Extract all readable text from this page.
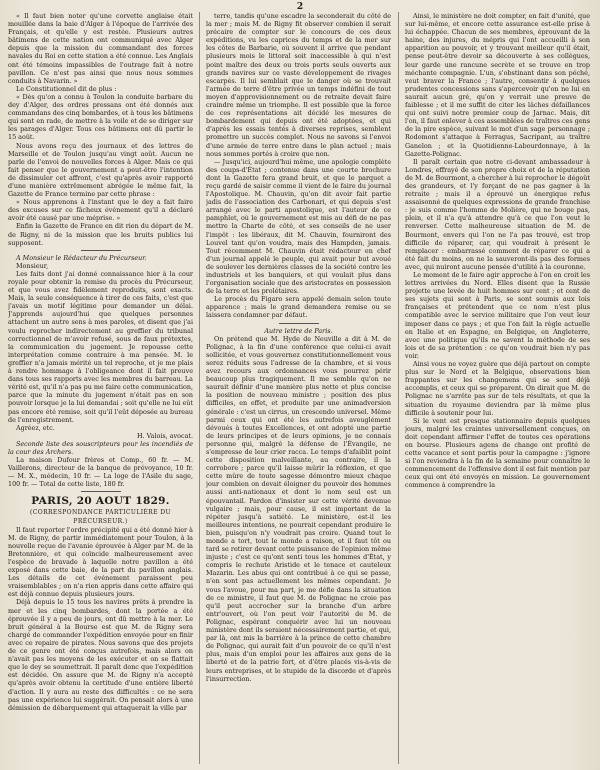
2

« Il faut bien noter qu'une corvette anglaise était mouillée dans la baie d'Alger à l'époque de l'arrivée des Français, et qu'elle y est restée. Plusieurs autres bâtimens de cette nation ont communiqué avec Alger depuis que la mission du commandant des forces navales du Roi en cette station a été connue. Les Anglais ont été témoins impassibles de l'outrage fait à notre pavillon. Ce n'est pas ainsi que nous nous sommes conduits à Navarin. »

Le Constitutionnel dit de plus :

« Dès qu'on a connu à Toulon la conduite barbare du dey d'Alger, des ordres pressans ont été donnés aux commandans des cinq bombardes, et à tous les bâtimens qui sont en rade, de mettre à la voile et de se diriger sur les parages d'Alger. Tous ces bâtimens ont dû partir le 15 août.

Nous avons reçu des journaux et des lettres de Marseille et de Toulon jusqu'au vingt août. Aucun ne parle de l'envoi de nouvelles forces à Alger. Mais ce qui fait penser que le gouvernement a peut-être l'intention de dissimuler cet affront, c'est qu'après avoir rapporté d'une manière extrêmement abrégée le même fait, la Gazette de France termine par cette phrase :

« Nous apprenons à l'instant que le dey a fait faire des excuses sur ce fâcheux événement qu'il a déclaré avoir été causé par une méprise. »

Enfin la Gazette de France en dit rien du départ de M. de Rigny, ni de la mission que les bruits publics lui supposent.

A Monsieur le Rédacteur du Précurseur.

Monsieur,

Les faits dont j'ai donné connaissance hier à la cour royale pour obtenir la remise du procès du Précurseur, et que vous avez fidèlement reproduits, sont exacts. Mais, la seule conséquence à tirer de ces faits, c'est que j'avais un motif légitime pour demander un délai. J'apprends aujourd'hui que quelques personnes attachent un autre sens à mes paroles, et disent que j'ai voulu reprocher indirectement au greffier du tribunal correctionnel de m'avoir refusé, sous de faux prétextes, la communication du jugement. Je repousse cette interprétation comme contraire à ma pensée. M. le greffier n'a jamais mérité un tel reproche, et je me plais à rendre hommage à l'obligeance dont il fait preuve dans tous ses rapports avec les membres du barreau. La vérité est, qu'il n'a pas pu me faire cette communication, parce que la minute du jugement n'était pas en son pouvoir lorsque je la lui demandai ; soit qu'elle ne lui eût pas encore été remise, soit qu'il l'eût déposée au bureau de l'enregistrement.

Agréez, etc.

H. Valois, avocat.

Seconde liste des souscripteurs pour les incendiés de la cour des Archers.

La maison Dufour frères et Comp., 60 fr. — M. Vaillerons, directeur de la banque de prévoyance, 10 fr. — M. X., médecin, 10 fr. — La loge de l'Asile du sage, 100 fr. — Total de cette liste, 180 fr.

PARIS, 20 AOUT 1829.

(CORRESPONDANCE PARTICULIÈRE DU PRÉCURSEUR.)

Il faut reporter l'ordre précipité qui a été donné hier à M. de Rigny, de partir immédiatement pour Toulon, à la nouvelle reçue de l'avanie éprouvée à Alger par M. de la Bretonnière, et qui coïncide malheureusement avec l'espèce de bravade à laquelle notre pavillon a été exposé dans cette baie, de la part du pavillon anglais. Les détails de cet événement paraissent peu vraisemblables ; on n'a rien appris dans cette affaire qui est déjà connue depuis plusieurs jours.

Déjà depuis le 15 tous les navires prêts à prendre la mer et les cinq bombardes, dont la portée a été éprouvée il y a peu de jours, ont dû mettre à la mer. Le bruit général à la Bourse est que M. de Rigny sera chargé de commander l'expédition envoyée pour en finir avec ce repaire de pirates. Nous savons que des projets de ce genre ont été conçus autrefois, mais alors on n'avait pas les moyens de les exécuter et on se flattait que le dey se soumettrait. Il paraît donc que l'expédition est décidée. On assure que M. de Rigny n'a accepté qu'après avoir obtenu la certitude d'une entière liberté d'action. Il y aura au reste des difficultés : ce ne sera pas une expérience lui suggérait. On pensait alors à une démission de débarquement qui attaquerait la ville par

terre, tandis qu'une escadre la seconderait du côté de la mer ; mais M. de Rigny fit observer combien il serait précaire de compter sur le concours de ces deux expéditions, vu les caprices du temps et de la mer sur les côtes de Barbarie, où souvent il arrive que pendant plusieurs mois le littoral soit inaccessible à qui n'est point maître des deux ou trois ports seuls ouverts aux grands navires sur ce vaste développement de rivages escarpés. Il lui semblait que le danger où se trouvait l'armée de terre d'être privée un temps indéfini de tout moyen d'approvisionnement ou de retraite devait faire craindre même un triomphe. Il est possible que la force de ces représentations ait décidé les mesures de bombardement qui depuis ont été adoptées, et qui d'après les essais tentés à diverses reprises, semblent promettre un succès complet. Nous ne savons si l'envoi d'une armée de terre entre dans le plan actuel ; mais nous sommes portés à croire que non.

— Jusqu'ici, aujourd'hui même, une apologie complète des coups-d'État ; contenue dans une courte brochure dont la Gazette fera grand bruit, et que le parquet a reçu gardé de saisir comme il vient de le faire du journal l'Apostolique. M. Chauvin, qu'on dit avoir fait partie jadis de l'association des Carbonari, et qui depuis s'est arrangé avec le parti apostolique, est l'auteur de ce pamphlet, où le gouvernement est mis au défi de ne pas mettre la Charte de côté, et ses conseils de ne user l'impôt : les libéraux, dit M. Chauvin, fourniront des Louvel tant qu'on voudra, mais des Hampden, jamais. Tout récemment M. Chauvin était rédacteur en chef d'un journal appelé le peuple, qui avait pour but avoué de soulever les dernières classes de la société contre les industriels et les banquiers, et qui voulait plus dans l'organisation sociale que des aristocrates en possession de la terre et les prolétaires.

Le procès du Figaro sera appelé demain selon toute apparence ; mais le grand demandera remise ou se laissera condamner par défaut.

Autre lettre de Paris.

On prétend que M. Hyde de Neuville a dit à M. de Polignac, à la fin d'une conférence que celui-ci avait sollicitée, et vous gouvernez constitutionnellement vous serez réduits sous l'adresse de la chambre, et si vous avez recours aux ordonnances vous pourrez périr beaucoup plus tragiquement. Il me semble qu'on ne saurait définir d'une manière plus nette et plus concise la position de nouveau ministre ; position des plus difficiles, en effet, et produite par une animadversion générale : c'est un cirrus, un crescendo universel. Même parmi ceux qui ont été les autrefois aveuglément dévoués à toutes Excellences, et ont adopté une partie de leurs principes et de leurs opinions, je ne connais personne qui, malgré la défense de l'Évangile, ne s'empresse de leur crier racca. Le temps d'afaiblit point cette disposition malveillante, au contraire, il la corrobore ; parce qu'il laisse mûrir la réflexion, et que cette mûre de toute sagesse démontre mieux chaque jour combien on devait éloigner du pouvoir des hommes aussi anti-nationaux et dont le nom seul est un épouvantail. Pardon d'insister sur cette vérité devenue vulgaire ; mais, pour cause, il est important de la répéter jusqu'à satiété. Le ministère, est-il les meilleures intentions, ne pourrait cependant produire le bien, puisqu'on n'y voudrait pas croire. Quand tout le monde a tort, tout le monde a raison, et il faut tôt ou tard se retirer devant cette puissance de l'opinion même injuste ; c'est ce qu'ont senti tous les hommes d'État, y compris le rechute Aristide et le tenace et cauteleux Mazarin. Les abus qui ont contribué à ce qui se passe, n'en sont pas actuellement les mêmes cependant. Je vous l'avoue, pour ma part, je me défie dans la situation de ce ministre, il faut que M. de Polignac ne croie pas qu'il peut accrocher sur la branche d'un arbre entr'ouvert, où l'on peut voir l'autorité de M. de Polignac, espérant conquérir avec lui un nouveau ministère dont ils seraient nécessairement partie, et qui, par là, ont mis la barrière à la prince de cette chambre de Polignac, qui aurait fait d'un pouvoir de ce qu'il n'est plus, mais d'un emploi pour les affaires aux gens de la liberté et de la patrie fort, et d'être placés vis-à-vis de leurs entreprises, et le stupide de la discorde et d'après l'insurrection.

Ainsi, le ministère ne doit compter, en fait d'unité, que sur lui-même, et encore cette assurance est-elle prise à lui échappée. Chacun de ses membres, éprouvant de la haine, des injures, du mépris qui l'ont accueilli à son apparition au pouvoir, et y trouvant meilleur qu'il était, pense peut-être devoir sa découverte à ses collègues, leur garde une rancune secrète et se trouve en trop méchante compagnie. L'un, s'obstinant dans son péché, veut braver la France ; l'autre, consentir à quelques prudentes concessions sans s'apercevoir qu'on ne lui en saurait aucun gré, qu'on y verrait une preuve de faiblesse ; et il me suffit de citer les lâches défaillances qui ont suivi notre premier coup de Jarnac. Mais, dit l'on, il faut enlever à ces assemblées de traîtres ces gens de la pire espèce, suivant le mot d'un sage personnage ; Rodomont s'attaque à Ferragus, Sacripant, au traître Ganelon ; et la Quotidienne-Labourdonnaye, à la Gazette-Polignac.

Il paraît certain que notre ci-devant ambassadeur à Londres, effrayé de son propre choix et de la réputation de M. de Bourmont, a chercher à lui reprocher le dégoût des grandeurs, et l'y forçant de ne pas gagner à la retraite ; mais il a éprouvé un énergique refus assaisonné de quelques expressions de grande franchise : je suis comme l'homme de Molière, qui ne bouge pas, plein, et il n'a qu'à attendre qu'à ce que l'on veut le renverser. Cette malheureuse situation de M. de Bourmont, envers qui l'on ne l'a pas trouvé, est trop difficile de réparer, car, qui voudrait à présent le remplacer : embarrassé comment de réparer ce qui a été fait du moins, on ne la sauveront-ils pas des formes avec, qui nuiront aucune pensée d'utilité à la couronne.

Le moment de le faire agir approche à l'on en croit les lettres arrivées du Nord. Elles disent que la Russie projette une levée de huit hommes sur cent ; et cent de ses sujets qui sont à Paris, se sont soumis aux lois françaises et prétendent que ce nom n'est plus compatible avec le service militaire que l'on veut leur imposer dans ce pays ; et que l'on fait la règle actuelle en Italie et en Espagne, en Belgique, en Angleterre, avec une politique qu'ils ne savent la méthode de ses lois et de sa prétention : ce qu'on voudrait bien n'y pas voir.

Ainsi vous ne voyez guère que déjà partout on compte plus sur le Nord et la Belgique, observations bien frappantes sur les changemens qui se sont déjà accomplis, et ceux qui se préparent. On dirait que M. de Polignac ne s'arrête pas sur de tels résultats, et que la situation du royaume deviendra par là même plus difficile à soutenir pour lui.

Si le vent est presque stationnaire depuis quelques jours, malgré les craintes universellement conçues, on doit cependant affirmer l'effet de toutes ces opérations en bourse. Plusieurs agens de change ont profité de cette vacance et sont partis pour la campagne : j'ignore si l'on reviendra à la fin de la semaine pour connaître le commencement de l'offensive dont il est fait mention par ceux qui ont été envoyés en mission. Le gouvernement commence à comprendre la
